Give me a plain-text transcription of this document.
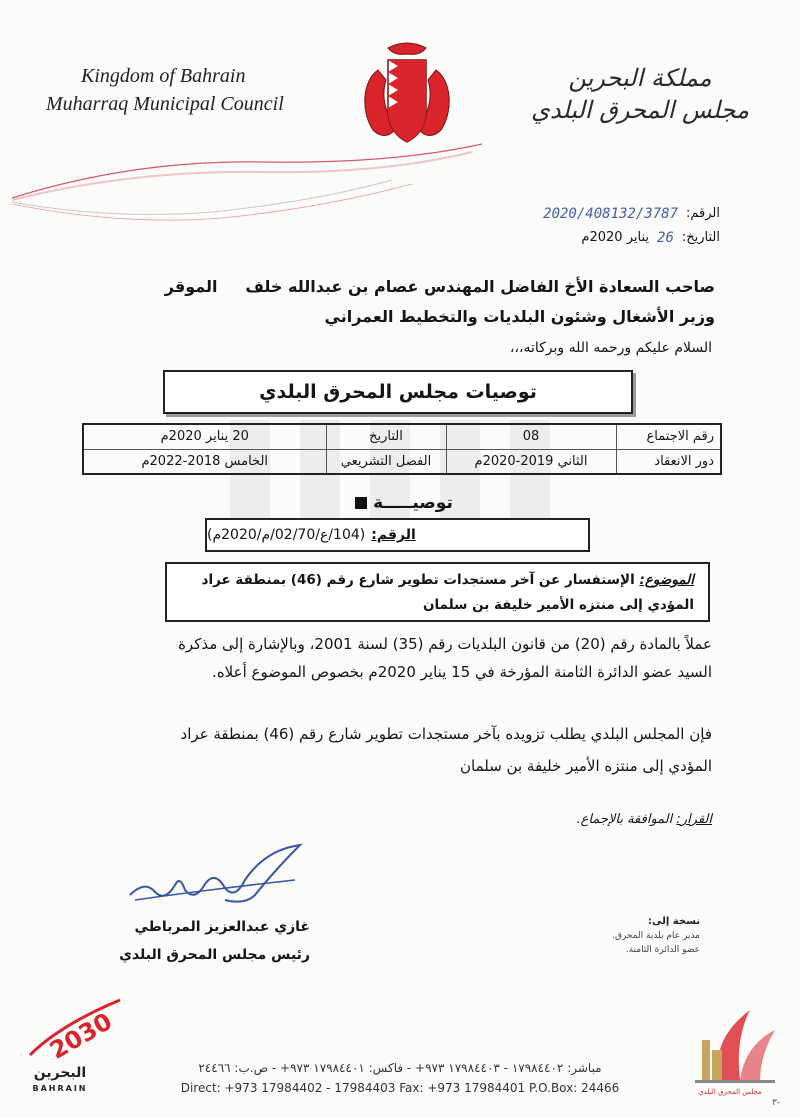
Kingdom of Bahrain
Muharraq Municipal Council
مملكة البحرين
مجلس المحرق البلدي
الرقم:
2020/408132/3787
التاريخ:
26
يناير 2020م
صاحب السعادة الأخ الفاضل المهندس عصام بن عبدالله خلف     الموقر
وزير الأشغال وشئون البلديات والتخطيط العمراني
السلام عليكم ورحمه الله وبركاته،،،
توصيات مجلس المحرق البلدي
رقم الاجتماع	08	التاريخ	20 يناير 2020م
دور الانعقاد	الثاني 2019-2020م	الفصل التشريعي	الخامس 2018-2022م
توصيـــــة
الرقم:
(104/ع/02/70/م/2020م)
الموضوع: الإستفسار عن آخر مستجدات تطوير شارع رقم (46) بمنطقة عراد
المؤدي إلى منتزه الأمير خليفة بن سلمان
عملاً بالمادة رقم (20) من قانون البلديات رقم (35) لسنة 2001، وبالإشارة إلى مذكرة
السيد عضو الدائرة الثامنة المؤرخة في 15 يناير 2020م بخصوص الموضوع أعلاه.
فإن المجلس البلدي يطلب تزويده بآخر مستجدات تطوير شارع رقم (46) بمنطقة عراد
المؤدي إلى منتزه الأمير خليفة بن سلمان
القرار: الموافقة بالإجماع.
غازي عبدالعزيز المرباطي
رئيس مجلس المحرق البلدي
نسخة إلى:
مدير عام بلدية المحرق.
عضو الدائرة الثامنة.
2030
البحرين
BAHRAIN
مباشر: ١٧٩٨٤٤٠٢ - ١٧٩٨٤٤٠٣ ٩٧٣+ - فاكس: ١٧٩٨٤٤٠١ ٩٧٣+ - ص.ب: ٢٤٤٦٦
Direct: +973 17984402 - 17984403 Fax: +973 17984401 P.O.Box: 24466	مجلس المحرق البلدي
٣-
